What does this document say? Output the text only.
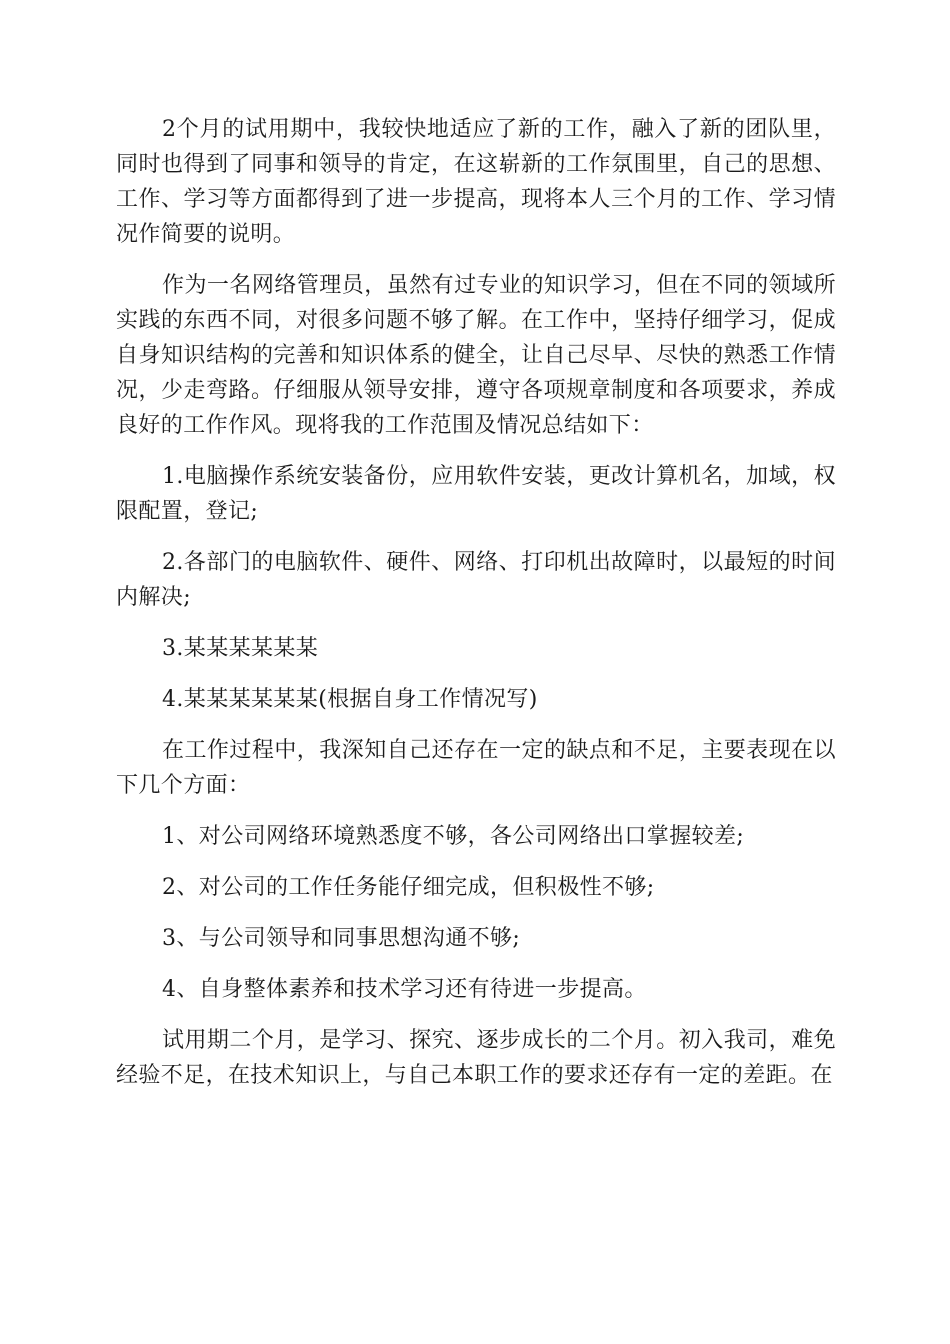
2个月的试用期中，我较快地适应了新的工作，融入了新的团队里，同时也得到了同事和领导的肯定，在这崭新的工作氛围里，自己的思想、工作、学习等方面都得到了进一步提高，现将本人三个月的工作、学习情况作简要的说明。

作为一名网络管理员，虽然有过专业的知识学习，但在不同的领域所实践的东西不同，对很多问题不够了解。在工作中，坚持仔细学习，促成自身知识结构的完善和知识体系的健全，让自己尽早、尽快的熟悉工作情况，少走弯路。仔细服从领导安排，遵守各项规章制度和各项要求，养成良好的工作作风。现将我的工作范围及情况总结如下：

1.电脑操作系统安装备份，应用软件安装，更改计算机名，加域，权限配置，登记;

2.各部门的电脑软件、硬件、网络、打印机出故障时，以最短的时间内解决;

3.某某某某某某

4.某某某某某某(根据自身工作情况写)

在工作过程中，我深知自己还存在一定的缺点和不足，主要表现在以下几个方面：

1、对公司网络环境熟悉度不够，各公司网络出口掌握较差;

2、对公司的工作任务能仔细完成，但积极性不够;

3、与公司领导和同事思想沟通不够;

4、自身整体素养和技术学习还有待进一步提高。

试用期二个月，是学习、探究、逐步成长的二个月。初入我司，难免经验不足，在技术知识上，与自己本职工作的要求还存有一定的差距。在
